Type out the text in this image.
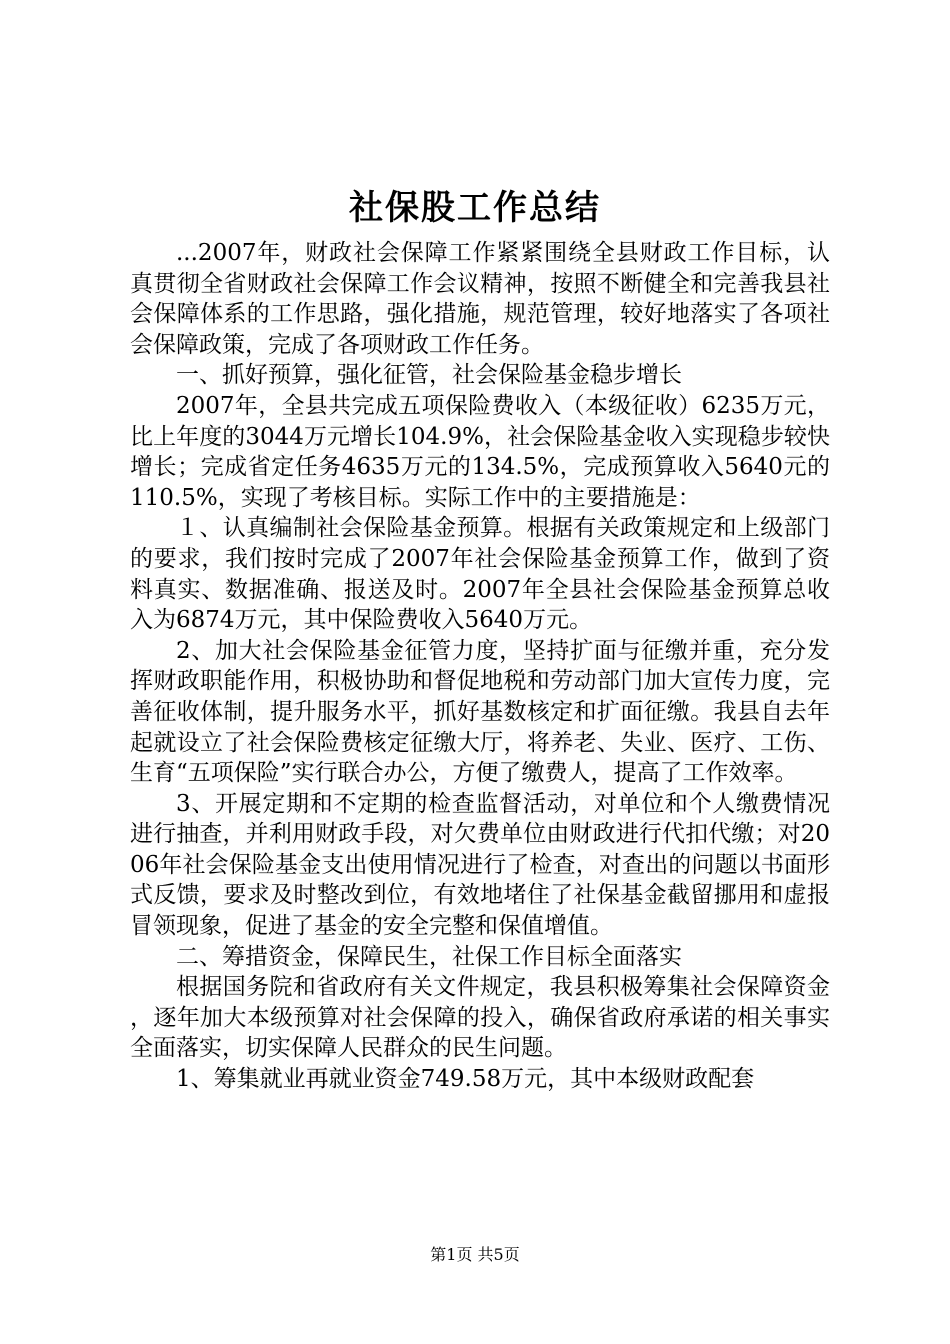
社保股工作总结

...2007年，财政社会保障工作紧紧围绕全县财政工作目标，认真贯彻全省财政社会保障工作会议精神，按照不断健全和完善我县社会保障体系的工作思路，强化措施，规范管理，较好地落实了各项社会保障政策，完成了各项财政工作任务。

一、抓好预算，强化征管，社会保险基金稳步增长

2007年，全县共完成五项保险费收入（本级征收）6235万元，比上年度的3044万元增长104.9%，社会保险基金收入实现稳步较快增长；完成省定任务4635万元的134.5%，完成预算收入5640元的110.5%，实现了考核目标。实际工作中的主要措施是：

１、认真编制社会保险基金预算。根据有关政策规定和上级部门的要求，我们按时完成了2007年社会保险基金预算工作，做到了资料真实、数据准确、报送及时。2007年全县社会保险基金预算总收入为6874万元，其中保险费收入5640万元。

2、加大社会保险基金征管力度，坚持扩面与征缴并重，充分发挥财政职能作用，积极协助和督促地税和劳动部门加大宣传力度，完善征收体制，提升服务水平，抓好基数核定和扩面征缴。我县自去年起就设立了社会保险费核定征缴大厅，将养老、失业、医疗、工伤、生育“五项保险”实行联合办公，方便了缴费人，提高了工作效率。

3、开展定期和不定期的检查监督活动，对单位和个人缴费情况进行抽查，并利用财政手段，对欠费单位由财政进行代扣代缴；对2006年社会保险基金支出使用情况进行了检查，对查出的问题以书面形式反馈，要求及时整改到位，有效地堵住了社保基金截留挪用和虚报冒领现象，促进了基金的安全完整和保值增值。

二、筹措资金，保障民生，社保工作目标全面落实

根据国务院和省政府有关文件规定，我县积极筹集社会保障资金，逐年加大本级预算对社会保障的投入，确保省政府承诺的相关事实全面落实，切实保障人民群众的民生问题。

1、筹集就业再就业资金749.58万元，其中本级财政配套

第1页 共5页
